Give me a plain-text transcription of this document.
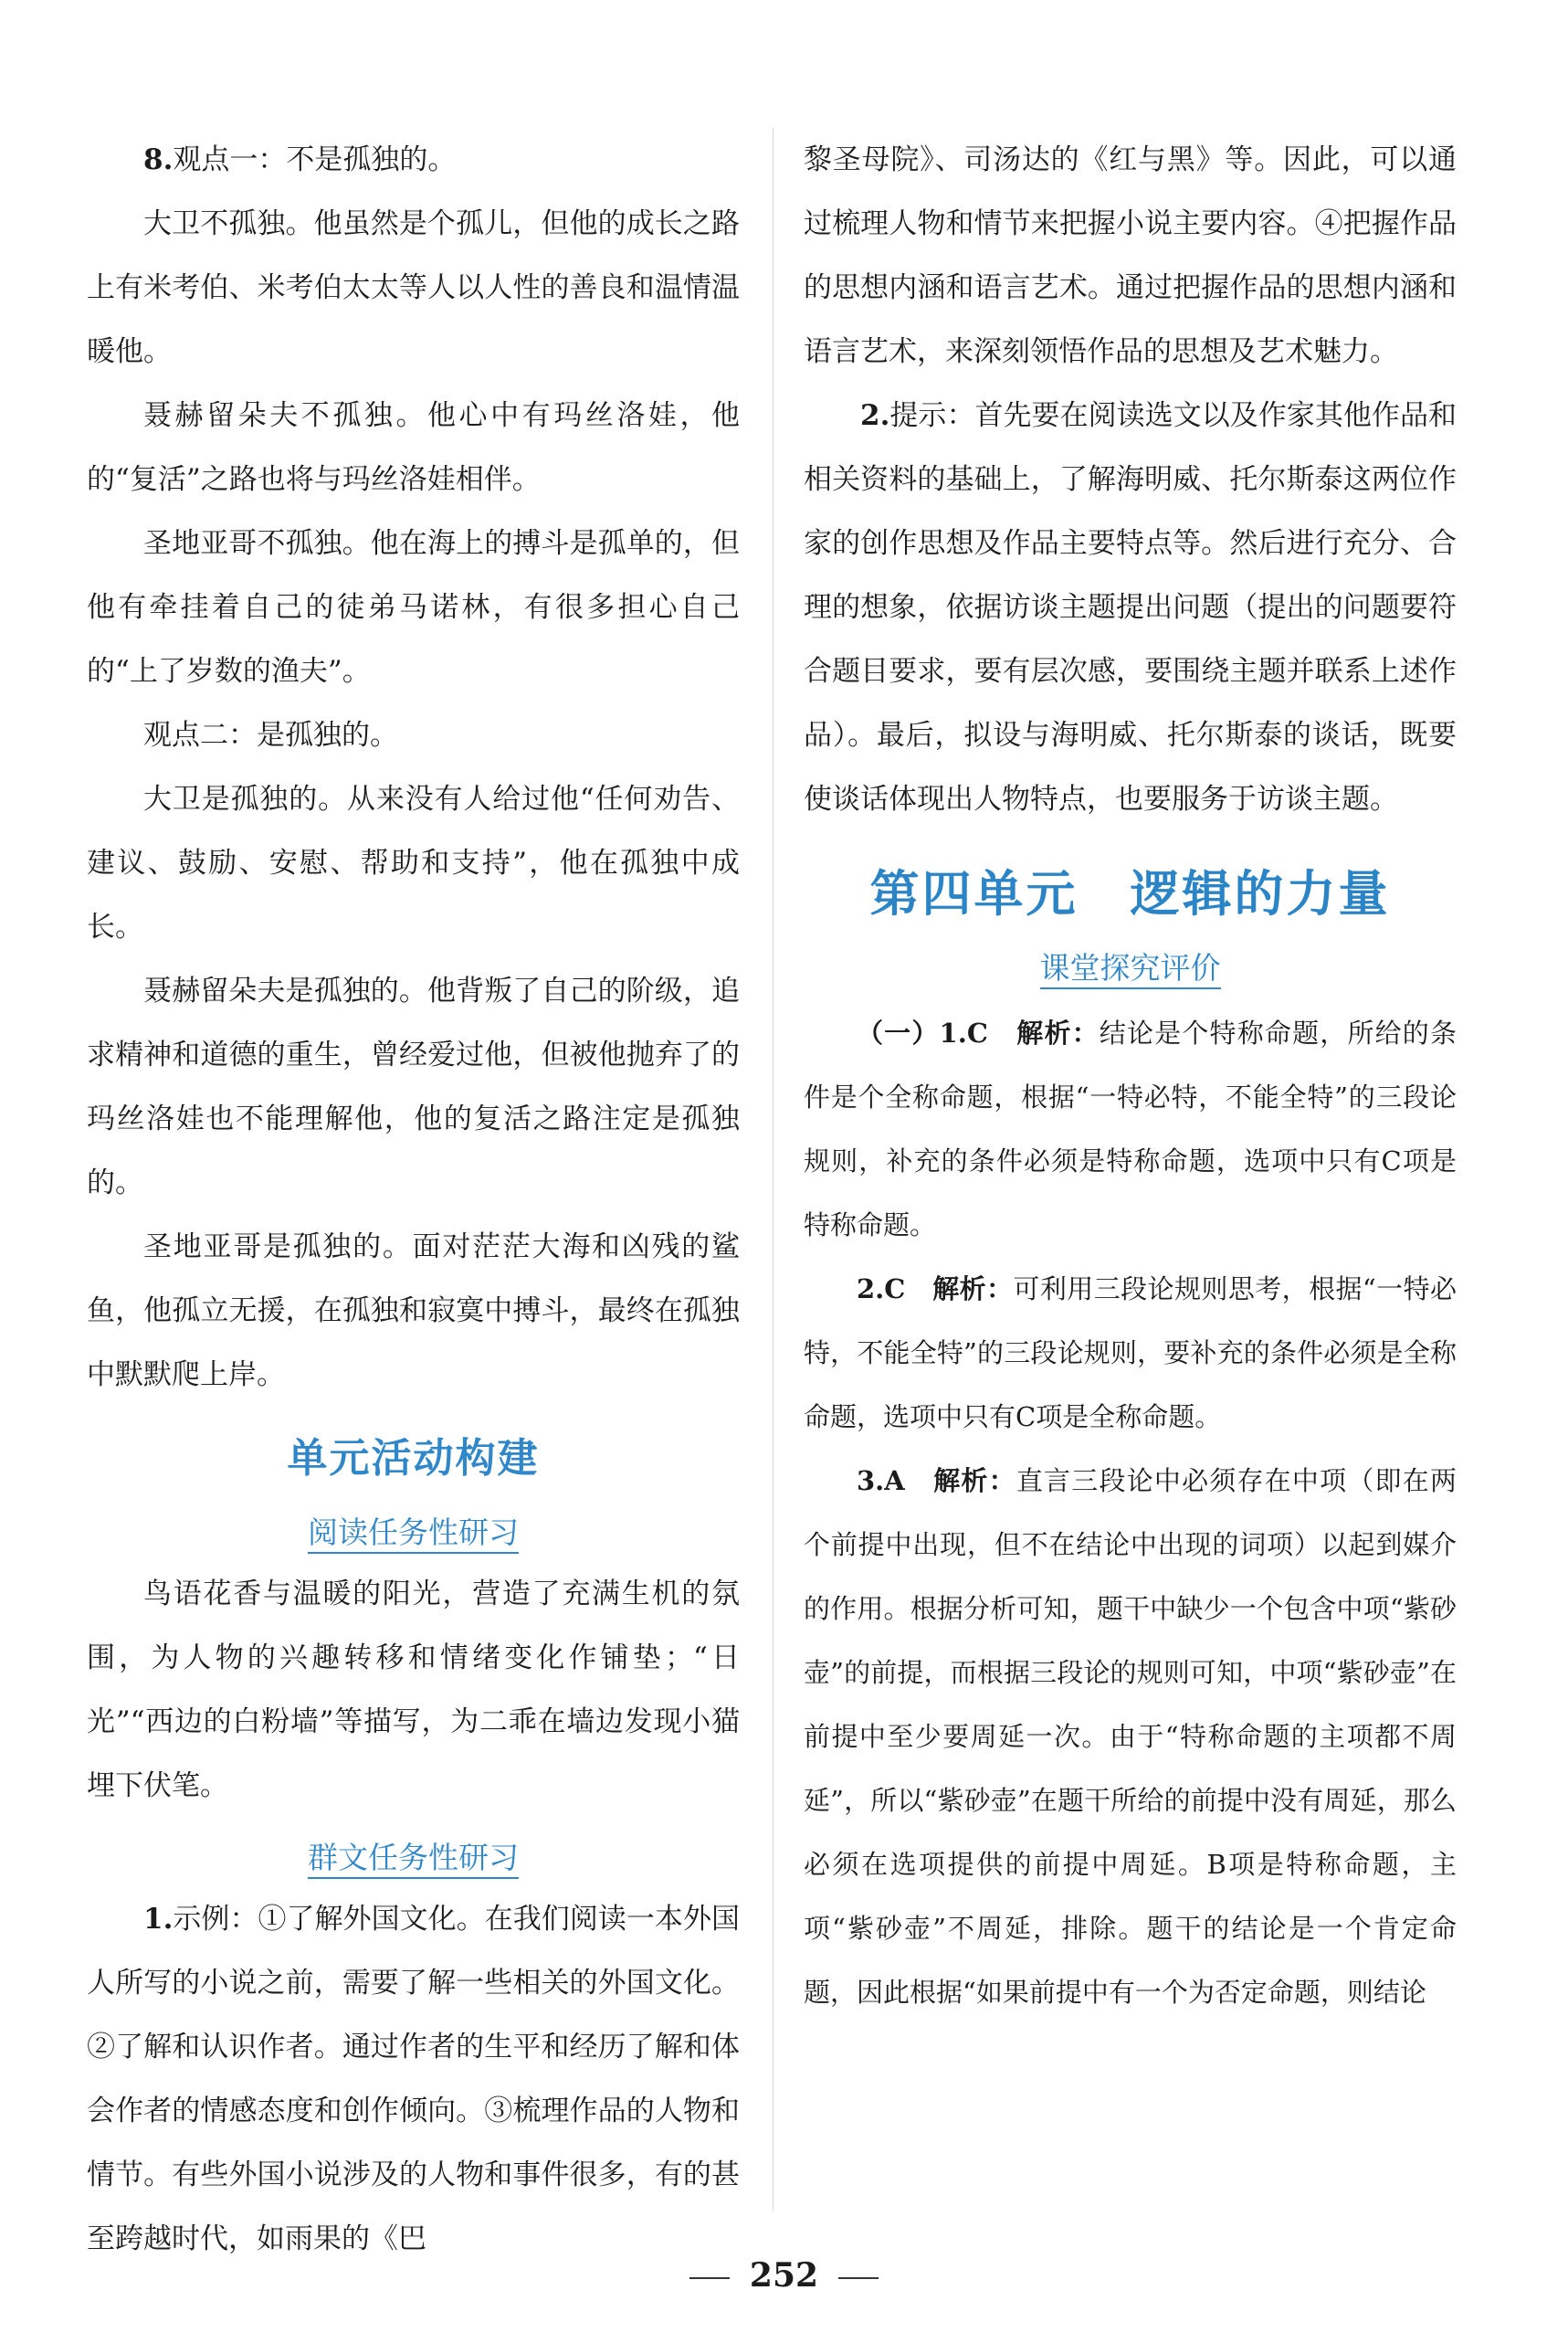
8.观点一：不是孤独的。

大卫不孤独。他虽然是个孤儿，但他的成长之路上有米考伯、米考伯太太等人以人性的善良和温情温暖他。

聂赫留朵夫不孤独。他心中有玛丝洛娃，他的“复活”之路也将与玛丝洛娃相伴。

圣地亚哥不孤独。他在海上的搏斗是孤单的，但他有牵挂着自己的徒弟马诺林，有很多担心自己的“上了岁数的渔夫”。

观点二：是孤独的。

大卫是孤独的。从来没有人给过他“任何劝告、建议、鼓励、安慰、帮助和支持”，他在孤独中成长。

聂赫留朵夫是孤独的。他背叛了自己的阶级，追求精神和道德的重生，曾经爱过他，但被他抛弃了的玛丝洛娃也不能理解他，他的复活之路注定是孤独的。

圣地亚哥是孤独的。面对茫茫大海和凶残的鲨鱼，他孤立无援，在孤独和寂寞中搏斗，最终在孤独中默默爬上岸。

单元活动构建

阅读任务性研习

鸟语花香与温暖的阳光，营造了充满生机的氛围，为人物的兴趣转移和情绪变化作铺垫；“日光”“西边的白粉墙”等描写，为二乖在墙边发现小猫埋下伏笔。

群文任务性研习

1.示例：①了解外国文化。在我们阅读一本外国人所写的小说之前，需要了解一些相关的外国文化。②了解和认识作者。通过作者的生平和经历了解和体会作者的情感态度和创作倾向。③梳理作品的人物和情节。有些外国小说涉及的人物和事件很多，有的甚至跨越时代，如雨果的《巴

黎圣母院》、司汤达的《红与黑》等。因此，可以通过梳理人物和情节来把握小说主要内容。④把握作品的思想内涵和语言艺术。通过把握作品的思想内涵和语言艺术，来深刻领悟作品的思想及艺术魅力。

2.提示：首先要在阅读选文以及作家其他作品和相关资料的基础上，了解海明威、托尔斯泰这两位作家的创作思想及作品主要特点等。然后进行充分、合理的想象，依据访谈主题提出问题（提出的问题要符合题目要求，要有层次感，要围绕主题并联系上述作品）。最后，拟设与海明威、托尔斯泰的谈话，既要使谈话体现出人物特点，也要服务于访谈主题。

第四单元　逻辑的力量

课堂探究评价

（一）1.C　 解析：结论是个特称命题，所给的条件是个全称命题，根据“一特必特，不能全特”的三段论规则，补充的条件必须是特称命题，选项中只有C项是特称命题。

2.C　 解析：可利用三段论规则思考，根据“一特必特，不能全特”的三段论规则，要补充的条件必须是全称命题，选项中只有C项是全称命题。

3.A　 解析：直言三段论中必须存在中项（即在两个前提中出现，但不在结论中出现的词项）以起到媒介的作用。根据分析可知，题干中缺少一个包含中项“紫砂壶”的前提，而根据三段论的规则可知，中项“紫砂壶”在前提中至少要周延一次。由于“特称命题的主项都不周延”，所以“紫砂壶”在题干所给的前提中没有周延，那么必须在选项提供的前提中周延。B项是特称命题，主项“紫砂壶”不周延，排除。题干的结论是一个肯定命题，因此根据“如果前提中有一个为否定命题，则结论

252
